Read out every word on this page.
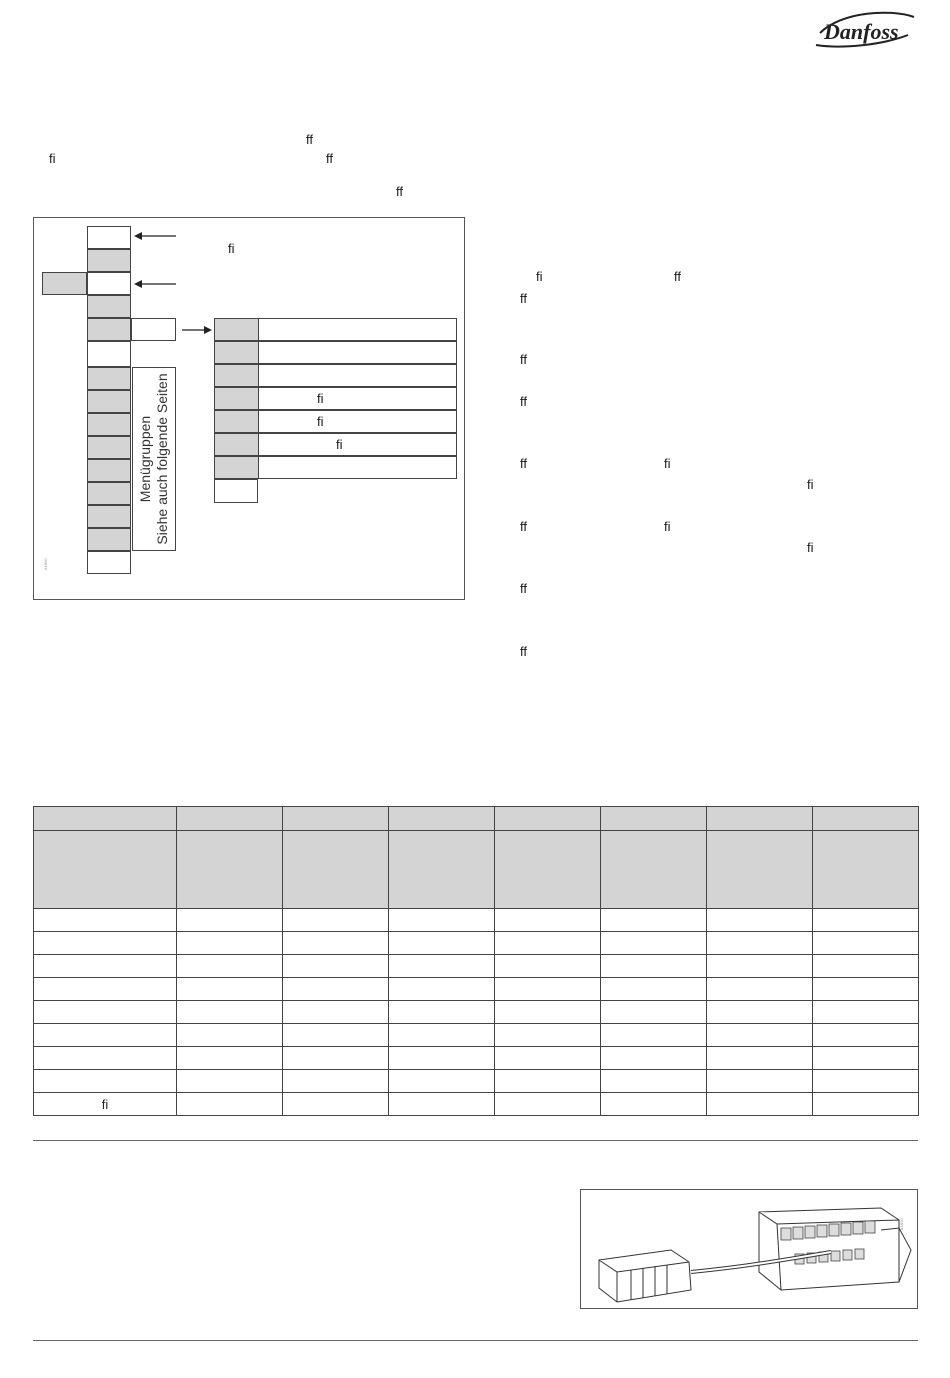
Danfoss
ff
fi	ff
ff
Menügruppen Siehe auch folgende Seiten
fi
fi
fi
fi
84B00
fi	ff
ff
ff
ff
ff	fi
fi
ff	fi
fi
ff
ff

fi							
84B00
